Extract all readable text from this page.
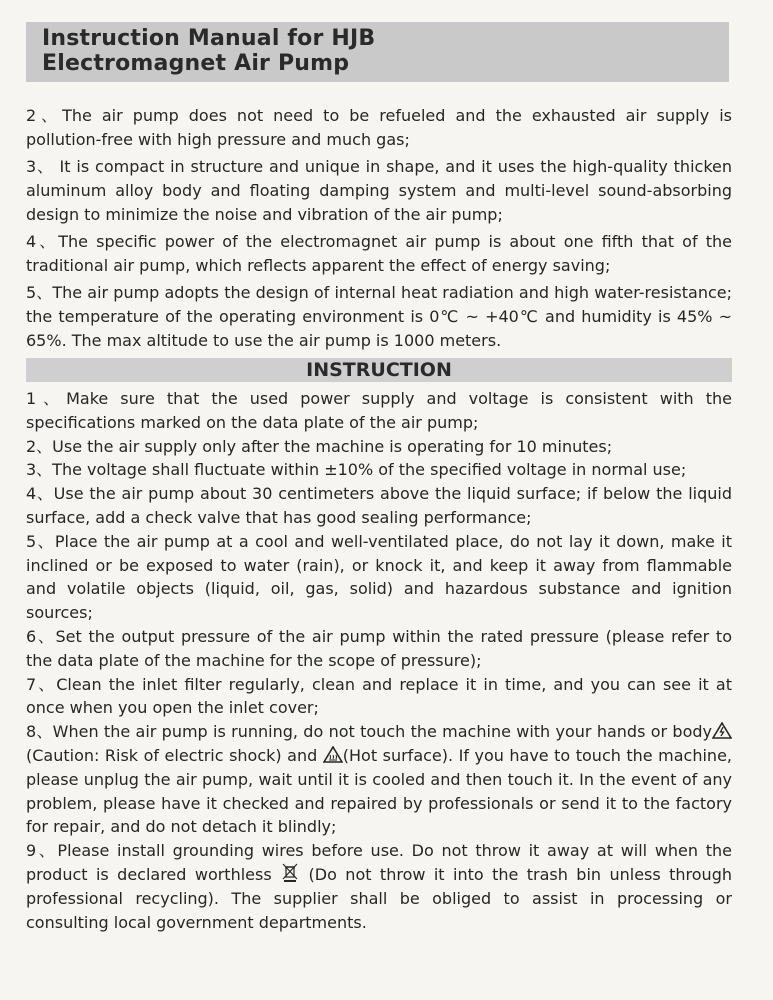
Instruction Manual for HJB
Electromagnet Air Pump

2、The air pump does not need to be refueled and the exhausted air supply is pollution-free with high pressure and much gas;

3、 It is compact in structure and unique in shape, and it uses the high-quality thicken aluminum alloy body and floating damping system and multi-level sound-absorbing design to minimize the noise and vibration of the air pump;

4、The specific power of the electromagnet air pump is about one fifth that of the traditional air pump, which reflects apparent the effect of energy saving;

5、The air pump adopts the design of internal heat radiation and high water-resistance; the temperature of the operating environment is 0℃ ~ +40℃ and humidity is 45% ~ 65%. The max altitude to use the air pump is 1000 meters.

INSTRUCTION

1、Make sure that the used power supply and voltage is consistent with the specifications marked on the data plate of the air pump;

2、Use the air supply only after the machine is operating for 10 minutes;

3、The voltage shall fluctuate within ±10% of the specified voltage in normal use;

4、Use the air pump about 30 centimeters above the liquid surface; if below the liquid surface, add a check valve that has good sealing performance;

5、Place the air pump at a cool and well-ventilated place, do not lay it down, make it inclined or be exposed to water (rain), or knock it, and keep it away from flammable and volatile objects (liquid, oil, gas, solid) and hazardous substance and ignition sources;

6、Set the output pressure of the air pump within the rated pressure (please refer to the data plate of the machine for the scope of pressure);

7、Clean the inlet filter regularly, clean and replace it in time, and you can see it at once when you open the inlet cover;

8、When the air pump is running, do not touch the machine with your hands or body(Caution: Risk of electric shock) and (Hot surface). If you have to touch the machine, please unplug the air pump, wait until it is cooled and then touch it. In the event of any problem, please have it checked and repaired by professionals or send it to the factory for repair, and do not detach it blindly;

9、Please install grounding wires before use. Do not throw it away at will when the product is declared worthless  (Do not throw it into the trash bin unless through professional recycling). The supplier shall be obliged to assist in processing or consulting local government departments.
